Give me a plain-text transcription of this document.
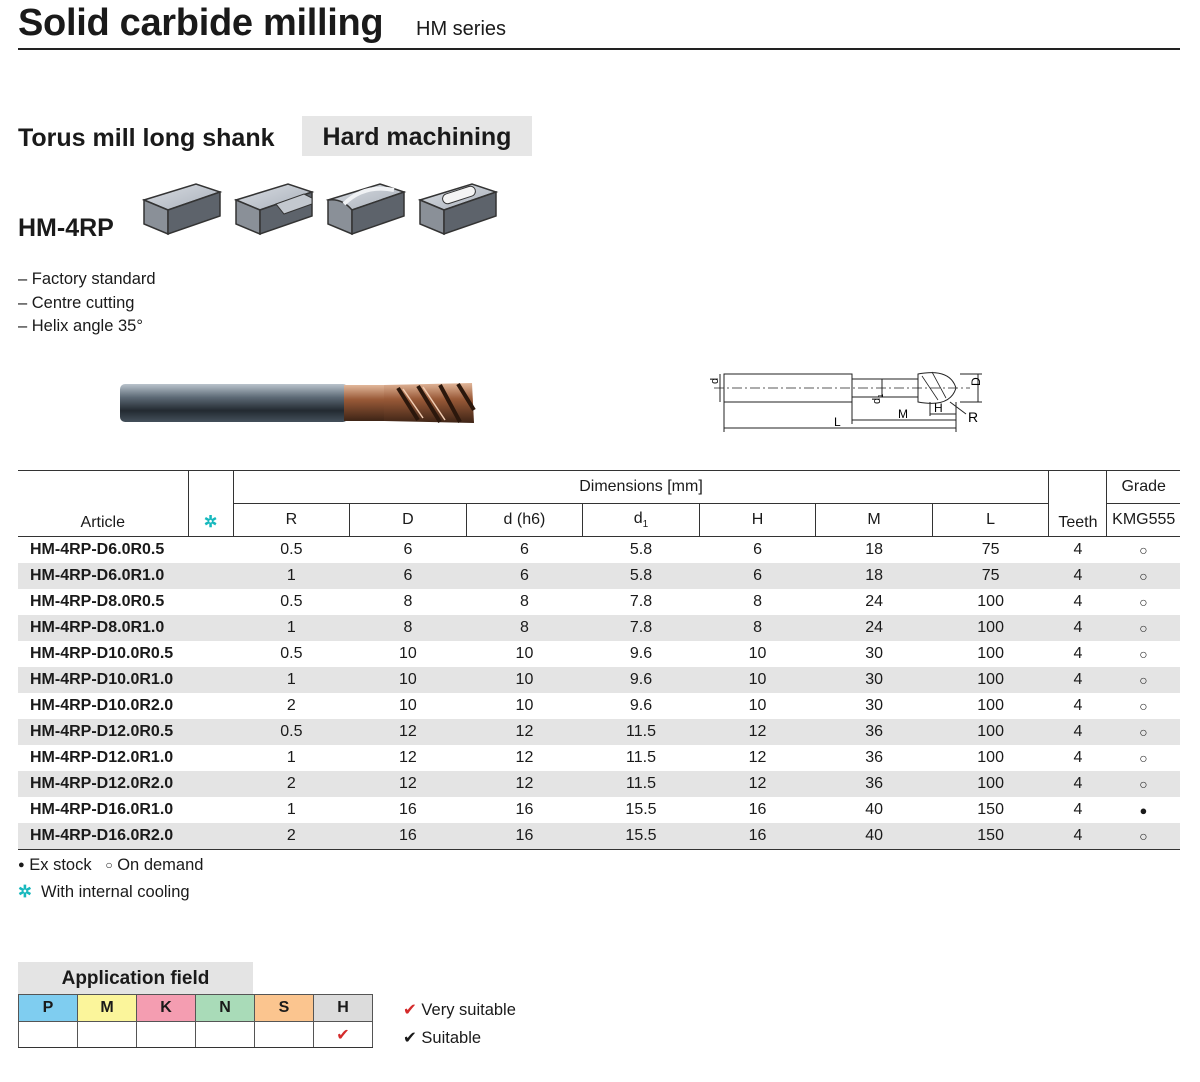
Solid carbide milling HM series
Torus mill long shank	Hard machining
HM-4RP
– Factory standard
– Centre cutting
– Helix angle 35°
d
$d_1$
M H
L
D
R
Article	✲	Dimensions [mm]							Teeth	Grade
		R	D	d (h6)	$d_1$	H	M	L		KMG555
HM-4RP-D6.0R0.5		0.5	6	6	5.8	6	18	75	4	○
HM-4RP-D6.0R1.0		1	6	6	5.8	6	18	75	4	○
HM-4RP-D8.0R0.5		0.5	8	8	7.8	8	24	100	4	○
HM-4RP-D8.0R1.0		1	8	8	7.8	8	24	100	4	○
HM-4RP-D10.0R0.5		0.5	10	10	9.6	10	30	100	4	○
HM-4RP-D10.0R1.0		1	10	10	9.6	10	30	100	4	○
HM-4RP-D10.0R2.0		2	10	10	9.6	10	30	100	4	○
HM-4RP-D12.0R0.5		0.5	12	12	11.5	12	36	100	4	○
HM-4RP-D12.0R1.0		1	12	12	11.5	12	36	100	4	○
HM-4RP-D12.0R2.0		2	12	12	11.5	12	36	100	4	○
HM-4RP-D16.0R1.0		1	16	16	15.5	16	40	150	4	●
HM-4RP-D16.0R2.0		2	16	16	15.5	16	40	150	4	○
● Ex stock ○ On demand
✲ With internal cooling
Application field
P	M	K	N	S	H
					✔
✔ Very suitable
✔ Suitable
